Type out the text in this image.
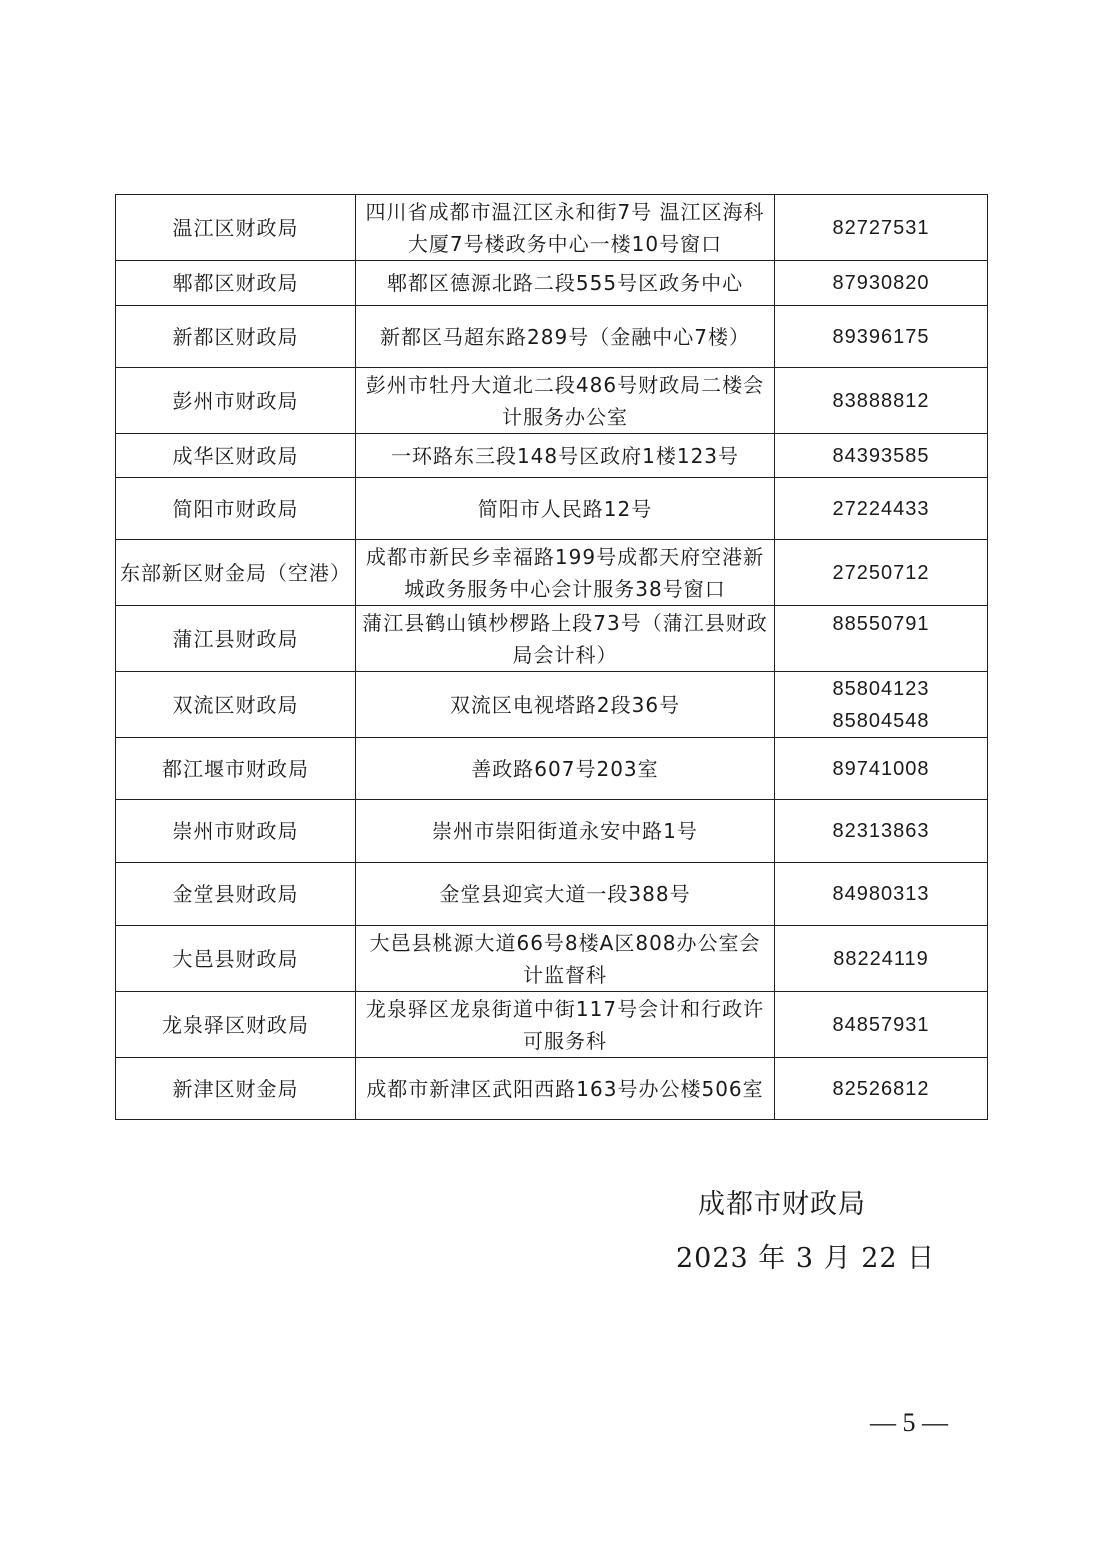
温江区财政局	四川省成都市温江区永和街7号 温江区海科
大厦7号楼政务中心一楼10号窗口	82727531

郫都区财政局	郫都区德源北路二段555号区政务中心	87930820

新都区财政局	新都区马超东路289号（金融中心7楼）	89396175

彭州市财政局	彭州市牡丹大道北二段486号财政局二楼会
计服务办公室	83888812

成华区财政局	一环路东三段148号区政府1楼123号	84393585

简阳市财政局	简阳市人民路12号	27224433

东部新区财金局（空港）	成都市新民乡幸福路199号成都天府空港新
城政务服务中心会计服务38号窗口	27250712

蒲江县财政局	蒲江县鹤山镇杪椤路上段73号（蒲江县财政
局会计科）	88550791

双流区财政局	双流区电视塔路2段36号	85804123
85804548

都江堰市财政局	善政路607号203室	89741008

崇州市财政局	崇州市崇阳街道永安中路1号	82313863

金堂县财政局	金堂县迎宾大道一段388号	84980313

大邑县财政局	大邑县桃源大道66号8楼A区808办公室会
计监督科	88224119

龙泉驿区财政局	龙泉驿区龙泉街道中街117号会计和行政许
可服务科	84857931

新津区财金局	成都市新津区武阳西路163号办公楼506室	82526812
成都市财政局
2023 年 3 月 22 日
— 5 —
